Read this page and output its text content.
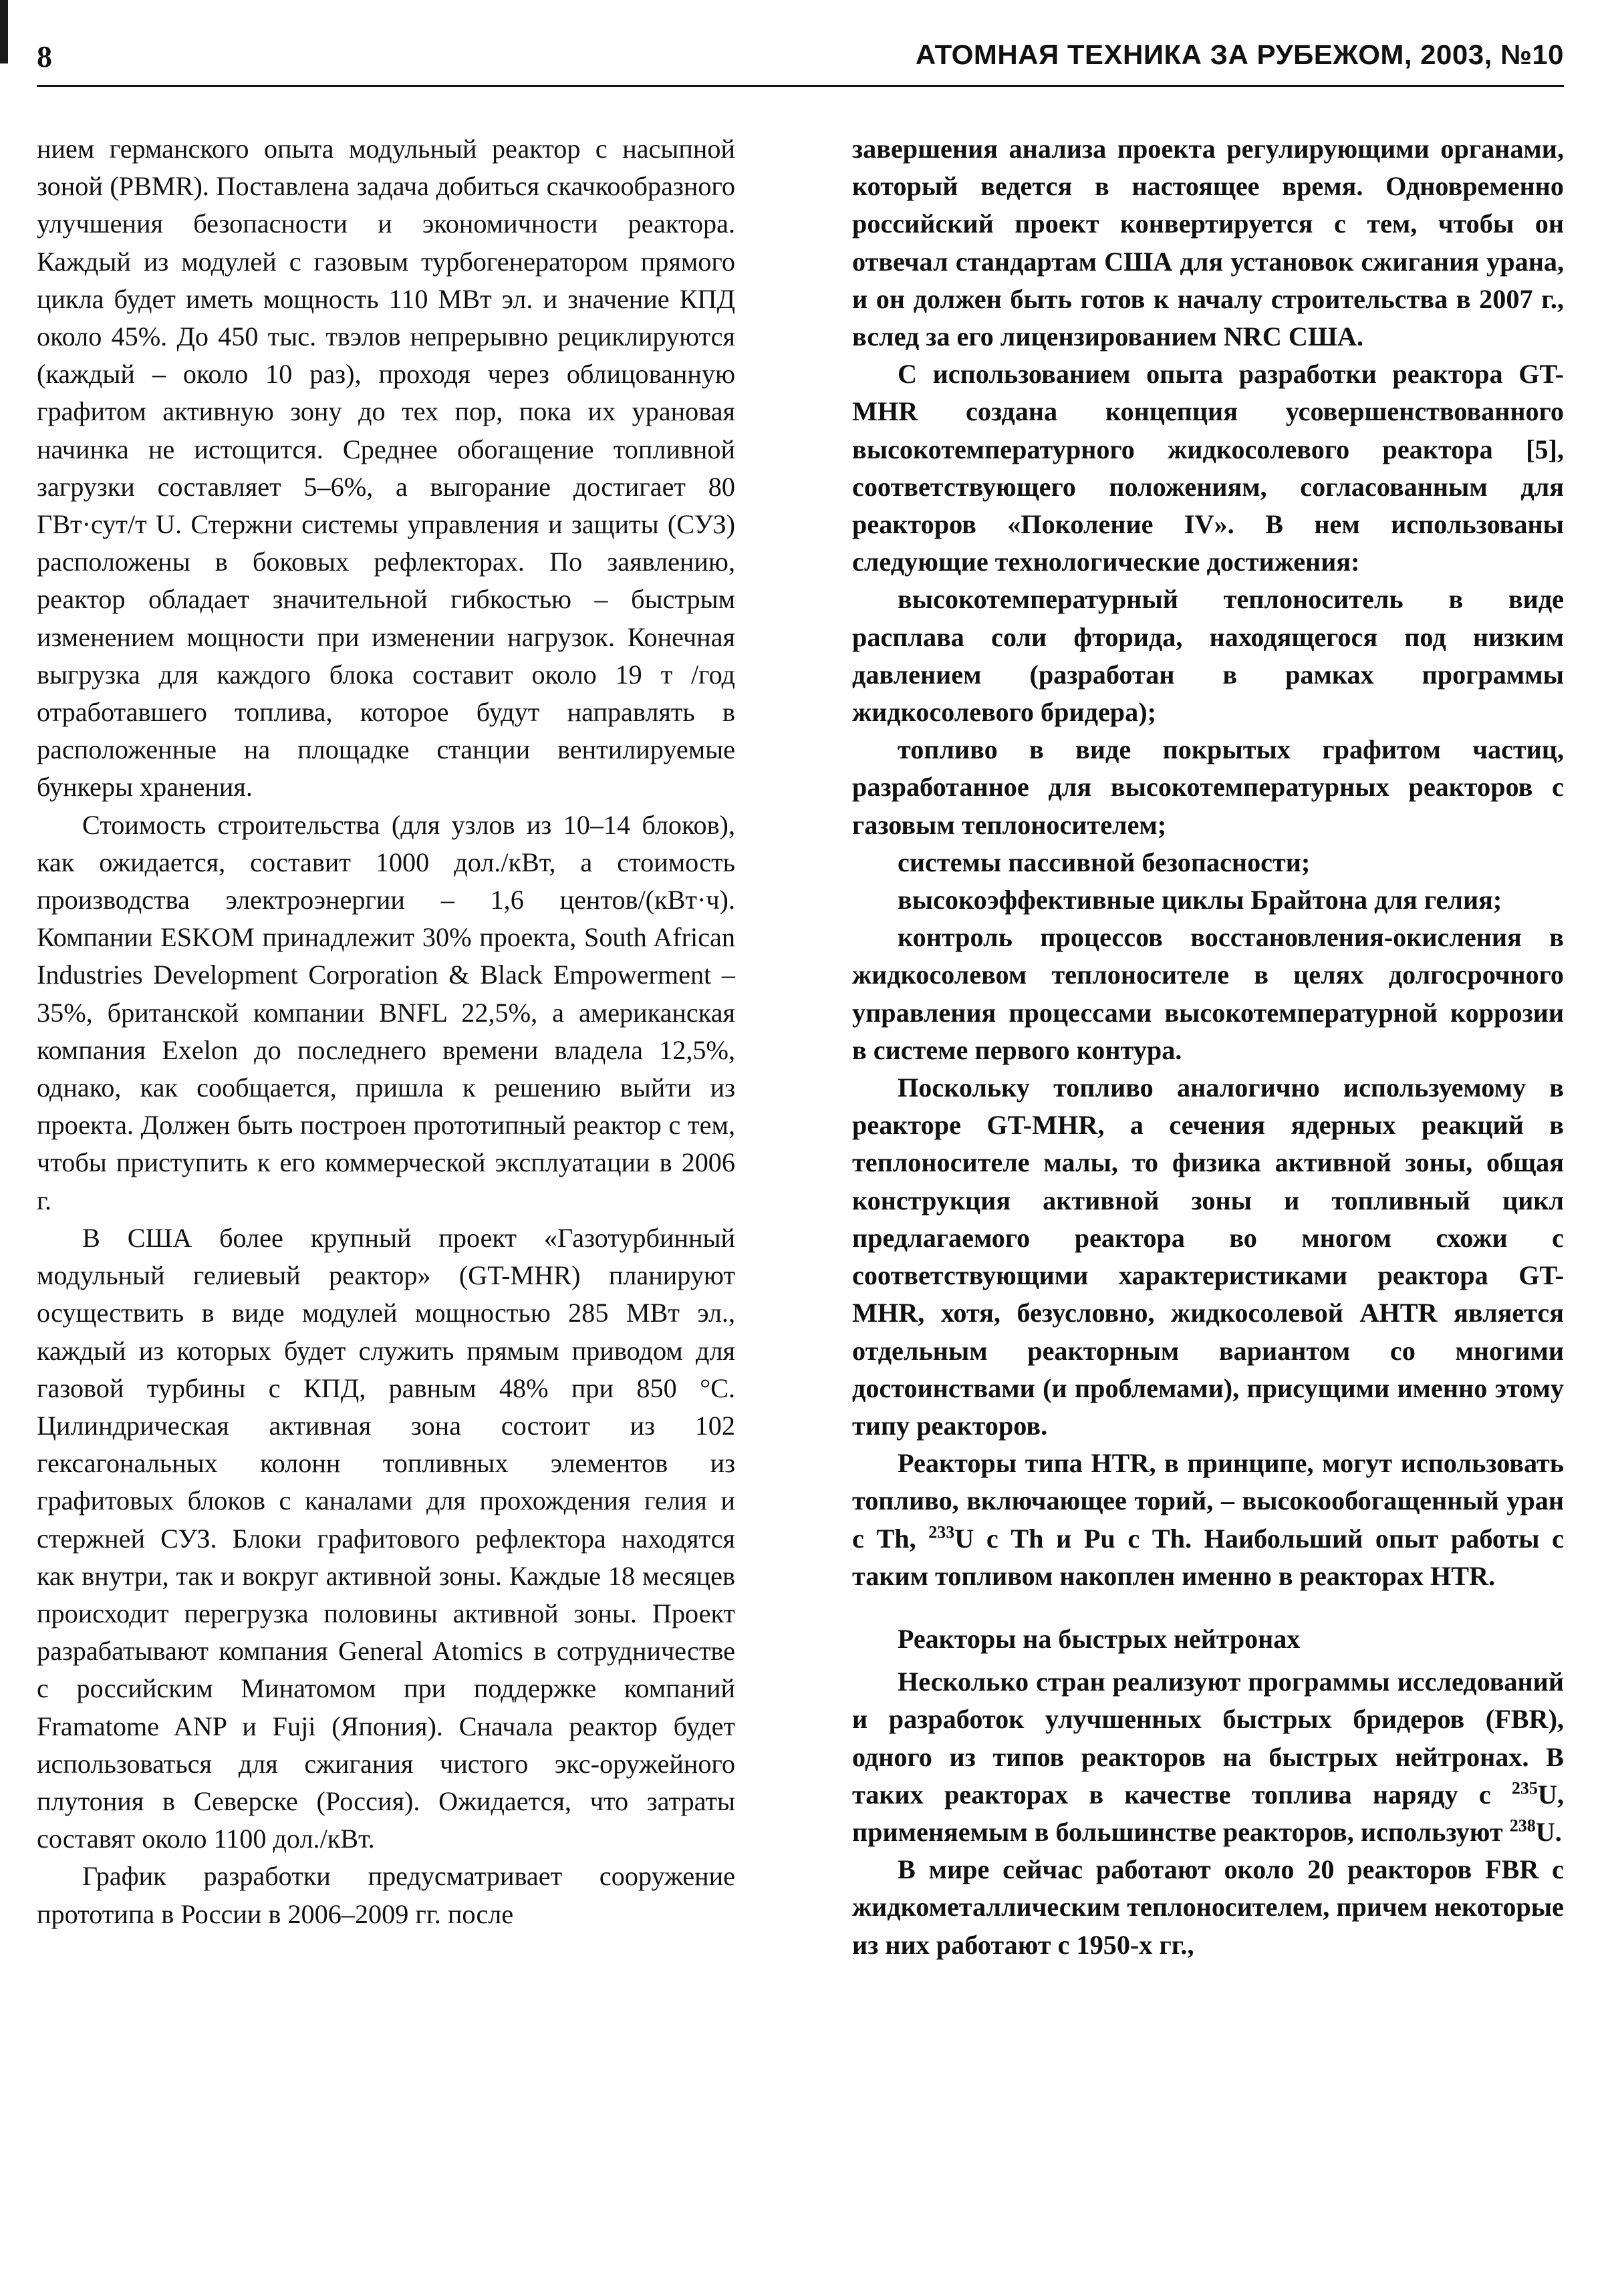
8	АТОМНАЯ ТЕХНИКА ЗА РУБЕЖОМ, 2003, №10

нием германского опыта модульный реактор с насыпной зоной (PBMR). Поставлена задача добиться скачкообразного улучшения безопасности и экономичности реактора. Каждый из модулей с газовым турбогенератором прямого цикла будет иметь мощность 110 МВт эл. и значение КПД около 45%. До 450 тыс. твэлов непрерывно рециклируются (каждый – около 10 раз), проходя через облицованную графитом активную зону до тех пор, пока их урановая начинка не истощится. Среднее обогащение топливной загрузки составляет 5–6%, а выгорание достигает 80 ГВт·сут/т U. Стержни системы управления и защиты (СУЗ) расположены в боковых рефлекторах. По заявлению, реактор обладает значительной гибкостью – быстрым изменением мощности при изменении нагрузок. Конечная выгрузка для каждого блока составит около 19 т /год отработавшего топлива, которое будут направлять в расположенные на площадке станции вентилируемые бункеры хранения.

Стоимость строительства (для узлов из 10–14 блоков), как ожидается, составит 1000 дол./кВт, а стоимость производства электроэнергии – 1,6 центов/(кВт·ч). Компании ESKOM принадлежит 30% проекта, South African Industries Development Corporation & Black Empowerment – 35%, британской компании BNFL 22,5%, а американская компания Exelon до последнего времени владела 12,5%, однако, как сообщается, пришла к решению выйти из проекта. Должен быть построен прототипный реактор с тем, чтобы приступить к его коммерческой эксплуатации в 2006 г.

В США более крупный проект «Газотурбинный модульный гелиевый реактор» (GT-MHR) планируют осуществить в виде модулей мощностью 285 МВт эл., каждый из которых будет служить прямым приводом для газовой турбины с КПД, равным 48% при 850 °С. Цилиндрическая активная зона состоит из 102 гексагональных колонн топливных элементов из графитовых блоков с каналами для прохождения гелия и стержней СУЗ. Блоки графитового рефлектора находятся как внутри, так и вокруг активной зоны. Каждые 18 месяцев происходит перегрузка половины активной зоны. Проект разрабатывают компания General Atomics в сотрудничестве с российским Минатомом при поддержке компаний Framatome ANP и Fuji (Япония). Сначала реактор будет использоваться для сжигания чистого экс-оружейного плутония в Северске (Россия). Ожидается, что затраты составят около 1100 дол./кВт.

График разработки предусматривает сооружение прототипа в России в 2006–2009 гг. после

завершения анализа проекта регулирующими органами, который ведется в настоящее время. Одновременно российский проект конвертируется с тем, чтобы он отвечал стандартам США для установок сжигания урана, и он должен быть готов к началу строительства в 2007 г., вслед за его лицензированием NRC США.

С использованием опыта разработки реактора GT-MHR создана концепция усовершенствованного высокотемпературного жидкосолевого реактора [5], соответствующего положениям, согласованным для реакторов «Поколение IV». В нем использованы следующие технологические достижения:

высокотемпературный теплоноситель в виде расплава соли фторида, находящегося под низким давлением (разработан в рамках программы жидкосолевого бридера);

топливо в виде покрытых графитом частиц, разработанное для высокотемпературных реакторов с газовым теплоносителем;

системы пассивной безопасности;

высокоэффективные циклы Брайтона для гелия;

контроль процессов восстановления-окисления в жидкосолевом теплоносителе в целях долгосрочного управления процессами высокотемпературной коррозии в системе первого контура.

Поскольку топливо аналогично используемому в реакторе GT-MHR, а сечения ядерных реакций в теплоносителе малы, то физика активной зоны, общая конструкция активной зоны и топливный цикл предлагаемого реактора во многом схожи с соответствующими характеристиками реактора GT-MHR, хотя, безусловно, жидкосолевой AHTR является отдельным реакторным вариантом со многими достоинствами (и проблемами), присущими именно этому типу реакторов.

Реакторы типа HTR, в принципе, могут использовать топливо, включающее торий, – высокообогащенный уран с Th, $^{233}$U с Th и Pu с Th. Наибольший опыт работы с таким топливом накоплен именно в реакторах HTR.

Реакторы на быстрых нейтронах

Несколько стран реализуют программы исследований и разработок улучшенных быстрых бридеров (FBR), одного из типов реакторов на быстрых нейтронах. В таких реакторах в качестве топлива наряду с $^{235}$U, применяемым в большинстве реакторов, используют $^{238}$U.

В мире сейчас работают около 20 реакторов FBR с жидкометаллическим теплоносителем, причем некоторые из них работают с 1950-х гг.,
